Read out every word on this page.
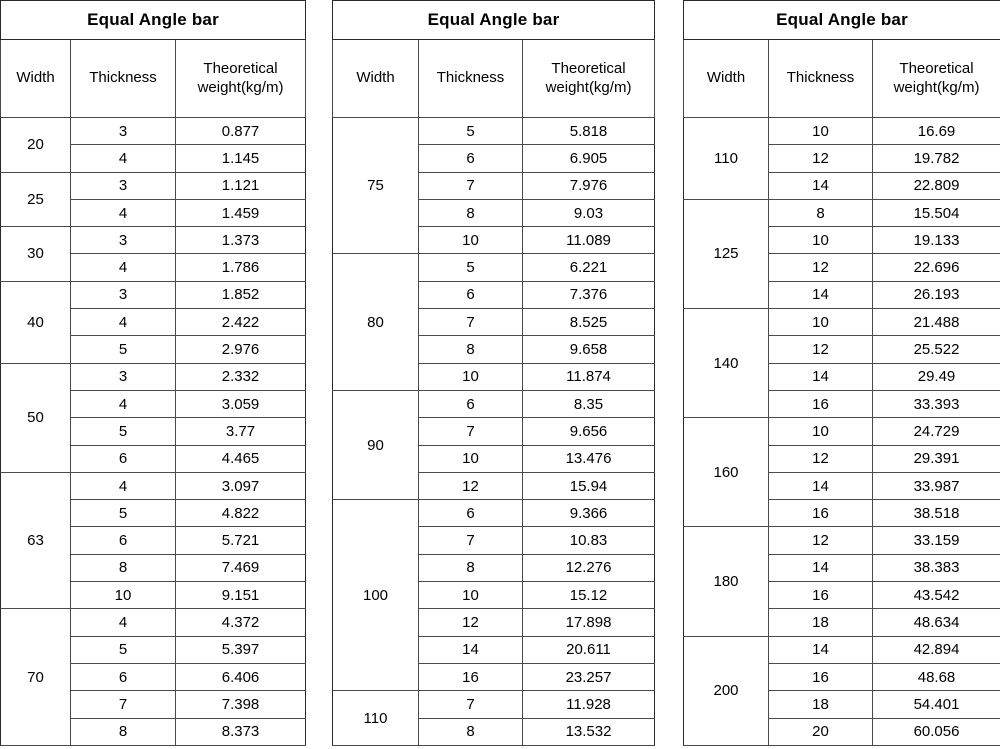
Equal Angle bar		
Width	Thickness	Theoretical
weight(kg/m)

20	3	0.877
	4	1.145
25	3	1.121
	4	1.459
30	3	1.373
	4	1.786
40	3	1.852
	4	2.422
	5	2.976
50	3	2.332
	4	3.059
	5	3.77
	6	4.465
63	4	3.097
	5	4.822
	6	5.721
	8	7.469
	10	9.151
70	4	4.372
	5	5.397
	6	6.406
	7	7.398
	8	8.373
Equal Angle bar		
Width	Thickness	Theoretical
weight(kg/m)

75	5	5.818
	6	6.905
	7	7.976
	8	9.03
	10	11.089
80	5	6.221
	6	7.376
	7	8.525
	8	9.658
	10	11.874
90	6	8.35
	7	9.656
	10	13.476
	12	15.94
100	6	9.366
	7	10.83
	8	12.276
	10	15.12
	12	17.898
	14	20.611
	16	23.257
110	7	11.928
	8	13.532
Equal Angle bar		
Width	Thickness	Theoretical
weight(kg/m)

110	10	16.69
	12	19.782
	14	22.809
125	8	15.504
	10	19.133
	12	22.696
	14	26.193
140	10	21.488
	12	25.522
	14	29.49
	16	33.393
160	10	24.729
	12	29.391
	14	33.987
	16	38.518
180	12	33.159
	14	38.383
	16	43.542
	18	48.634
200	14	42.894
	16	48.68
	18	54.401
	20	60.056
